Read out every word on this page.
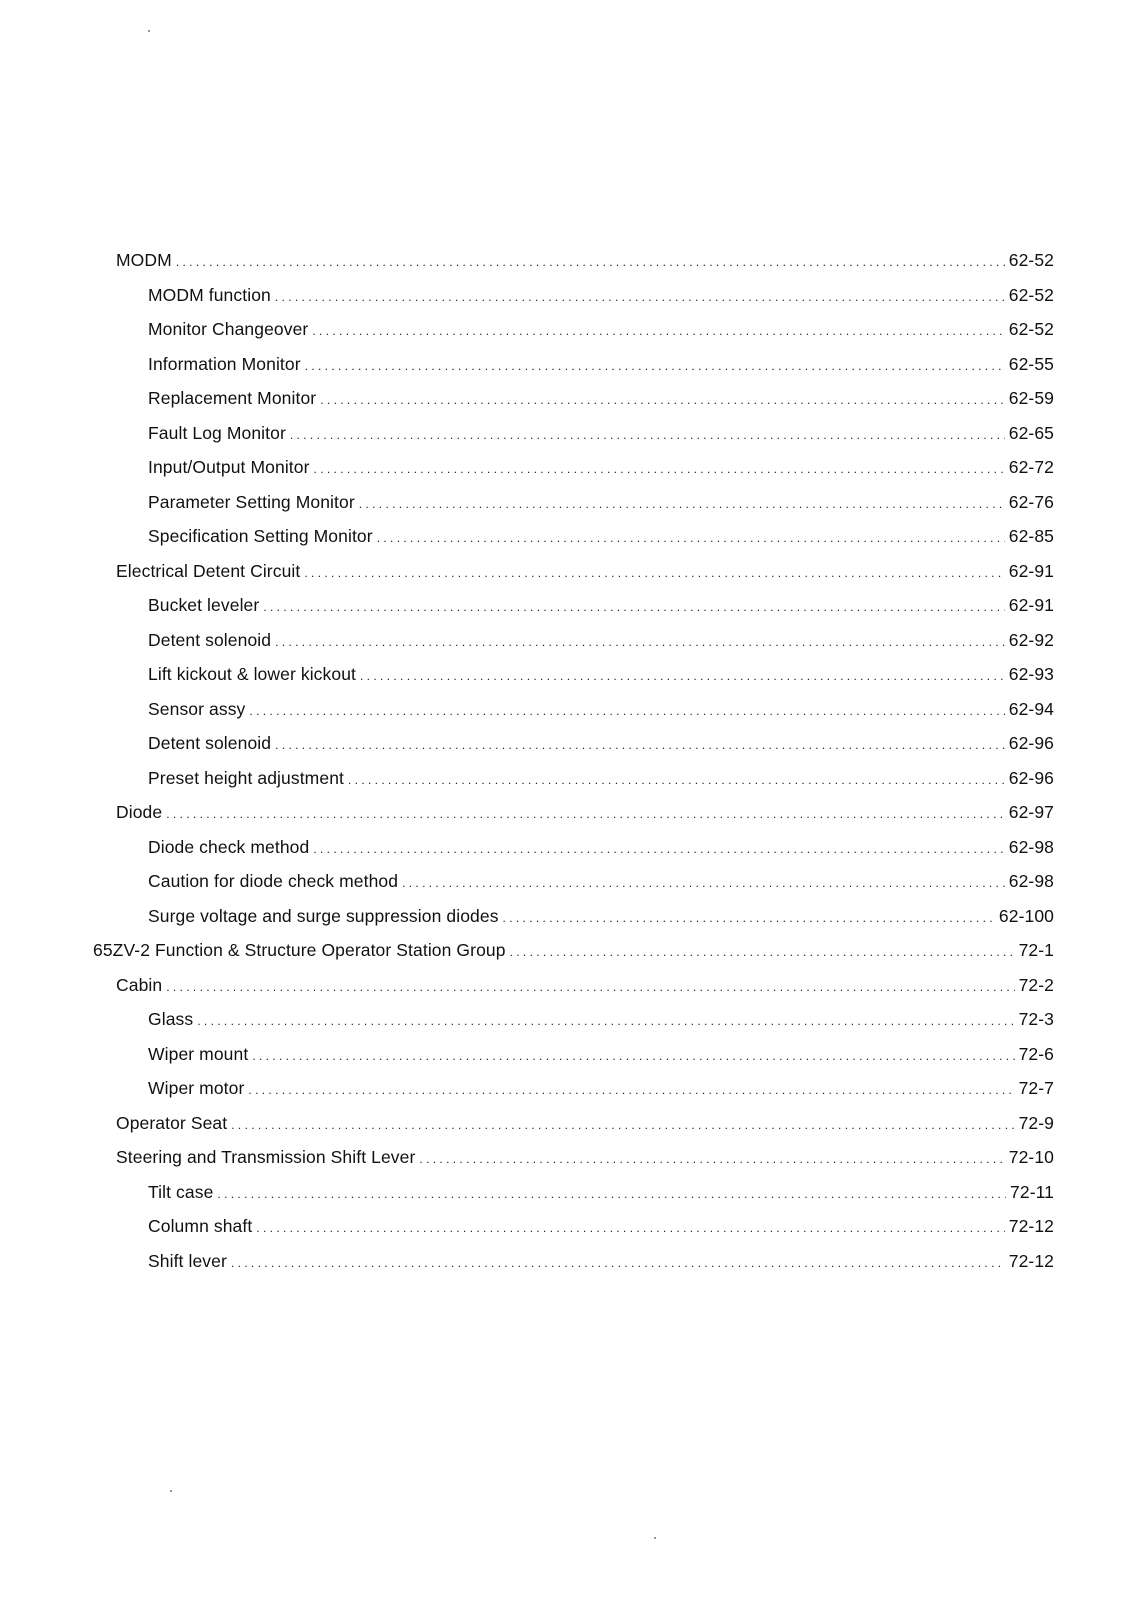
MODM . . .	62-52
MODM function . . .	62-52
Monitor Changeover . . .	62-52
Information Monitor . . .	62-55
Replacement Monitor . . .	62-59
Fault Log Monitor . . .	62-65
Input/Output Monitor . . .	62-72
Parameter Setting Monitor . . .	62-76
Specification Setting Monitor . . .	62-85
Electrical Detent Circuit . . .	62-91
Bucket leveler . . .	62-91
Detent solenoid . . .	62-92
Lift kickout & lower kickout . . .	62-93
Sensor assy . . .	62-94
Detent solenoid . . .	62-96
Preset height adjustment . . .	62-96
Diode . . .	62-97
Diode check method . . .	62-98
Caution for diode check method . . .	62-98
Surge voltage and surge suppression diodes . . .	62-100
65ZV-2 Function & Structure Operator Station Group . . .	72-1
Cabin . . .	72-2
Glass . . .	72-3
Wiper mount . . .	72-6
Wiper motor . . .	72-7
Operator Seat . . .	72-9
Steering and Transmission Shift Lever . . .	72-10
Tilt case . . .	72-11
Column shaft . . .	72-12
Shift lever . . .	72-12
